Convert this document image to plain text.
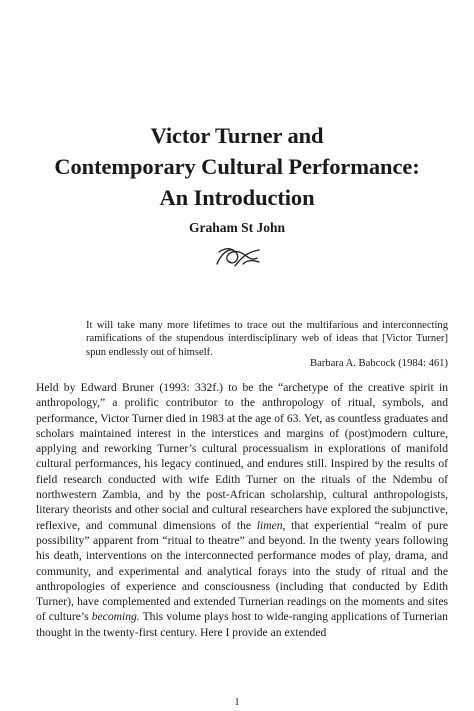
Victor Turner and
Contemporary Cultural Performance:
An Introduction
Graham St John
It will take many more lifetimes to trace out the multifarious and interconnecting ramifications of the stupendous interdisciplinary web of ideas that [Victor Turner] spun endlessly out of himself.
Barbara A. Babcock (1984: 461)

Held by Edward Bruner (1993: 332f.) to be the “archetype of the creative spirit in anthropology,” a prolific contributor to the anthropology of ritual, symbols, and performance, Victor Turner died in 1983 at the age of 63. Yet, as countless graduates and scholars maintained interest in the interstices and margins of (post)modern culture, applying and reworking Turner’s cultural processualism in explorations of manifold cultural performances, his legacy continued, and endures still. Inspired by the results of field research conducted with wife Edith Turner on the rituals of the Ndembu of northwestern Zambia, and by the post-African scholarship, cultural anthropologists, literary theorists and other social and cultural researchers have explored the subjunctive, reflexive, and communal dimensions of the limen, that experiential “realm of pure possibility” apparent from “ritual to theatre” and beyond. In the twenty years following his death, interventions on the interconnected performance modes of play, drama, and community, and experimental and analytical forays into the study of ritual and the anthropologies of experience and consciousness (including that conducted by Edith Turner), have complemented and extended Turnerian readings on the moments and sites of culture’s becoming. This volume plays host to wide-ranging applications of Turnerian thought in the twenty-first century. Here I provide an extended

1
